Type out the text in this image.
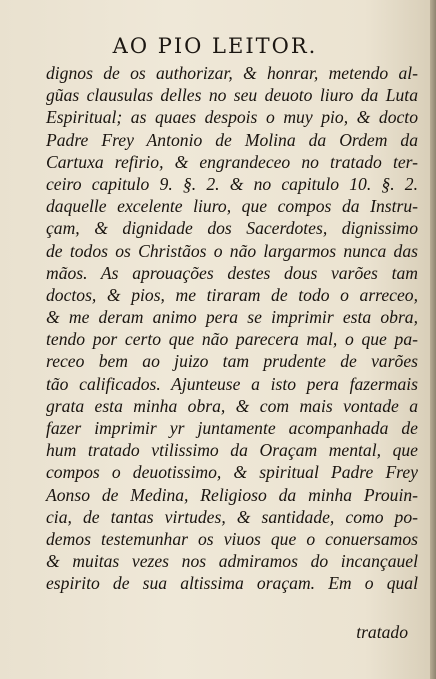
AO PIO LEITOR.
dignos de os authorizar, & honrar, metendo al-
gũas clausulas delles no seu deuoto liuro da Luta
Espiritual; as quaes despois o muy pio, & docto
Padre Frey Antonio de Molina da Ordem da
Cartuxa refirio, & engrandeceo no tratado ter-
ceiro capitulo 9. §. 2. & no capitulo 10. §. 2.
daquelle excelente liuro, que compos da Instru-
çam, & dignidade dos Sacerdotes, dignissimo
de todos os Christãos o não largarmos nunca das
mãos. As aprouações destes dous varões tam
doctos, & pios, me tiraram de todo o arreceo,
& me deram animo pera se imprimir esta obra,
tendo por certo que não parecera mal, o que pa-
receo bem ao juizo tam prudente de varões
tão calificados. Ajunteuse a isto pera fazermais
grata esta minha obra, & com mais vontade a
fazer imprimir yr juntamente acompanhada de
hum tratado vtilissimo da Oraçam mental, que
compos o deuotissimo, & spiritual Padre Frey
Aonso de Medina, Religioso da minha Prouin-
cia, de tantas virtudes, & santidade, como po-
demos testemunhar os viuos que o conuersamos
& muitas vezes nos admiramos do incançauel
espirito de sua altissima oraçam. Em o qual
tratado
